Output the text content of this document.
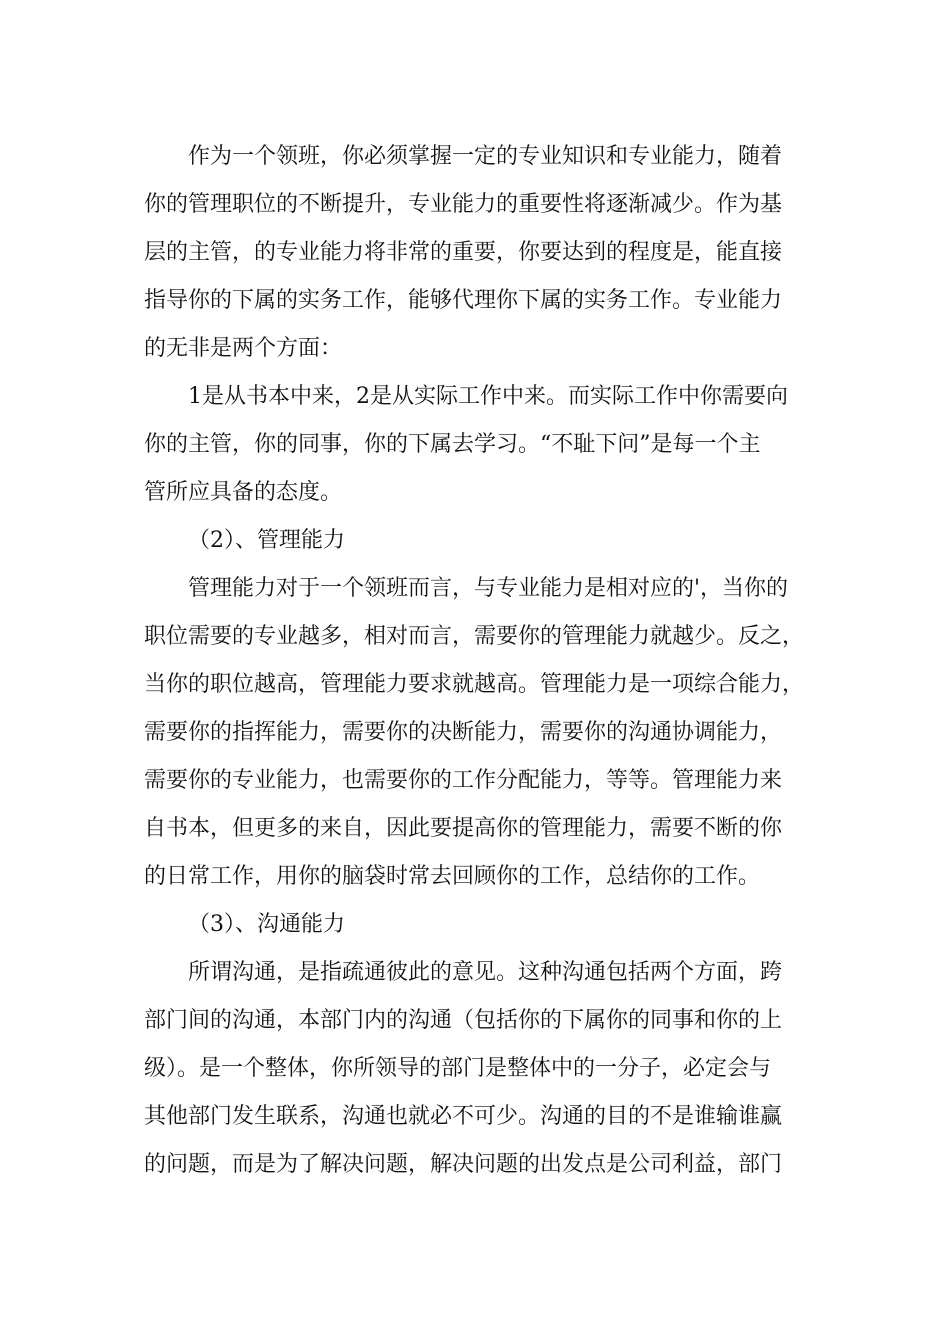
作为一个领班，你必须掌握一定的专业知识和专业能力，随着
你的管理职位的不断提升，专业能力的重要性将逐渐减少。作为基
层的主管，的专业能力将非常的重要，你要达到的程度是，能直接
指导你的下属的实务工作，能够代理你下属的实务工作。专业能力
的无非是两个方面：
1是从书本中来，2是从实际工作中来。而实际工作中你需要向
你的主管，你的同事，你的下属去学习。“不耻下问”是每一个主
管所应具备的态度。
（2）、管理能力
管理能力对于一个领班而言，与专业能力是相对应的'，当你的
职位需要的专业越多，相对而言，需要你的管理能力就越少。反之，
当你的职位越高，管理能力要求就越高。管理能力是一项综合能力，
需要你的指挥能力，需要你的决断能力，需要你的沟通协调能力，
需要你的专业能力，也需要你的工作分配能力，等等。管理能力来
自书本，但更多的来自，因此要提高你的管理能力，需要不断的你
的日常工作，用你的脑袋时常去回顾你的工作，总结你的工作。
（3）、沟通能力
所谓沟通，是指疏通彼此的意见。这种沟通包括两个方面，跨
部门间的沟通，本部门内的沟通（包括你的下属你的同事和你的上
级）。是一个整体，你所领导的部门是整体中的一分子，必定会与
其他部门发生联系，沟通也就必不可少。沟通的目的不是谁输谁赢
的问题，而是为了解决问题，解决问题的出发点是公司利益，部门
